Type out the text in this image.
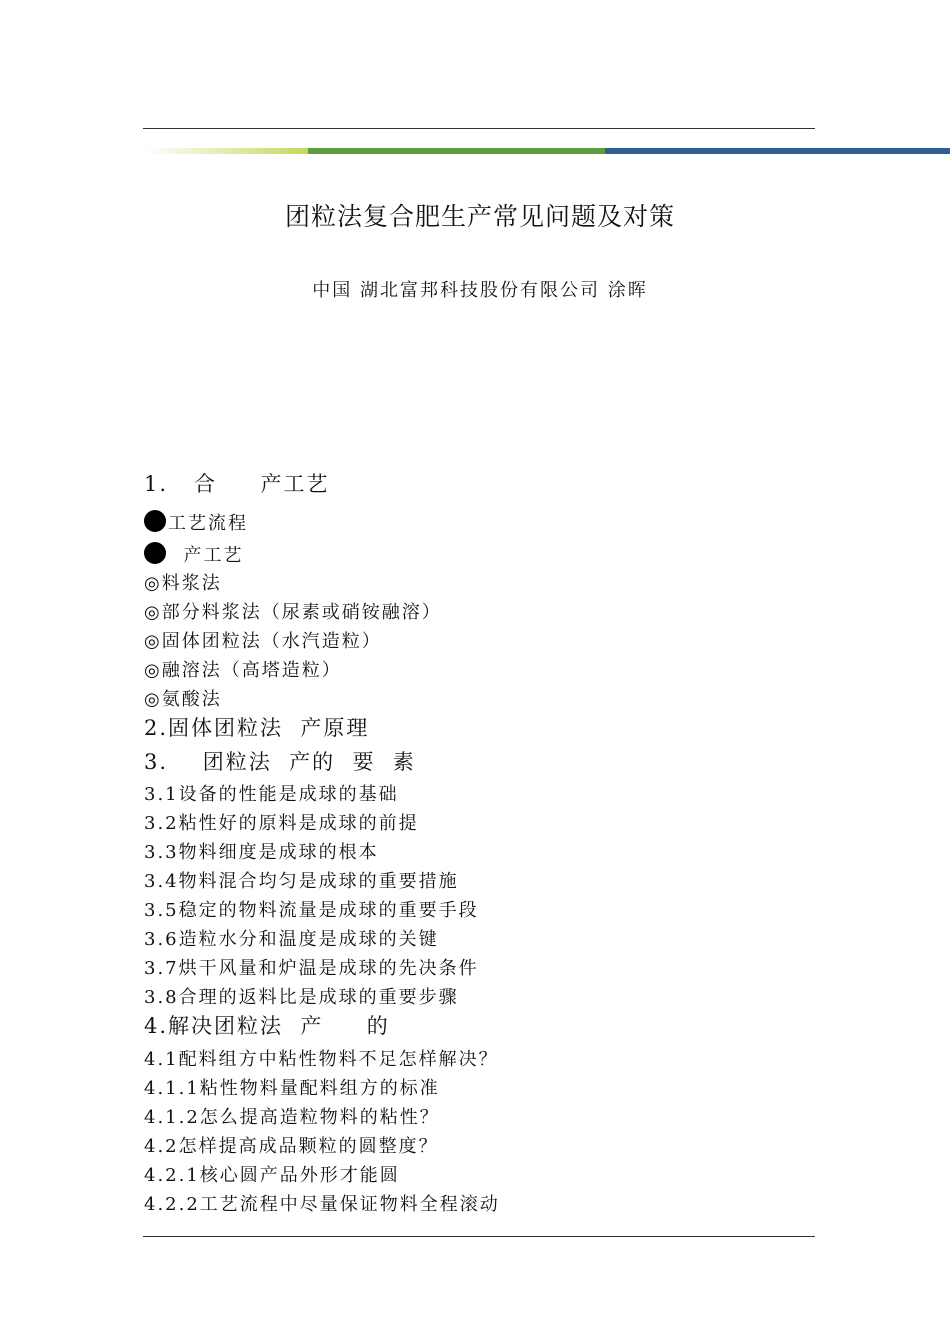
团粒法复合肥生产常见问题及对策
中国 湖北富邦科技股份有限公司 涂晖
1.   合     产工艺
工艺流程
产工艺
◎料浆法
◎部分料浆法（尿素或硝铵融溶）
◎固体团粒法（水汽造粒）
◎融溶法（高塔造粒）
◎氨酸法
2.固体团粒法  产原理
3.    团粒法  产的  要  素
3.1设备的性能是成球的基础
3.2粘性好的原料是成球的前提
3.3物料细度是成球的根本
3.4物料混合均匀是成球的重要措施
3.5稳定的物料流量是成球的重要手段
3.6造粒水分和温度是成球的关键
3.7烘干风量和炉温是成球的先决条件
3.8合理的返料比是成球的重要步骤
4.解决团粒法  产     的
4.1配料组方中粘性物料不足怎样解决？
4.1.1粘性物料量配料组方的标准
4.1.2怎么提高造粒物料的粘性？
4.2怎样提高成品颗粒的圆整度？
4.2.1核心圆产品外形才能圆
4.2.2工艺流程中尽量保证物料全程滚动
